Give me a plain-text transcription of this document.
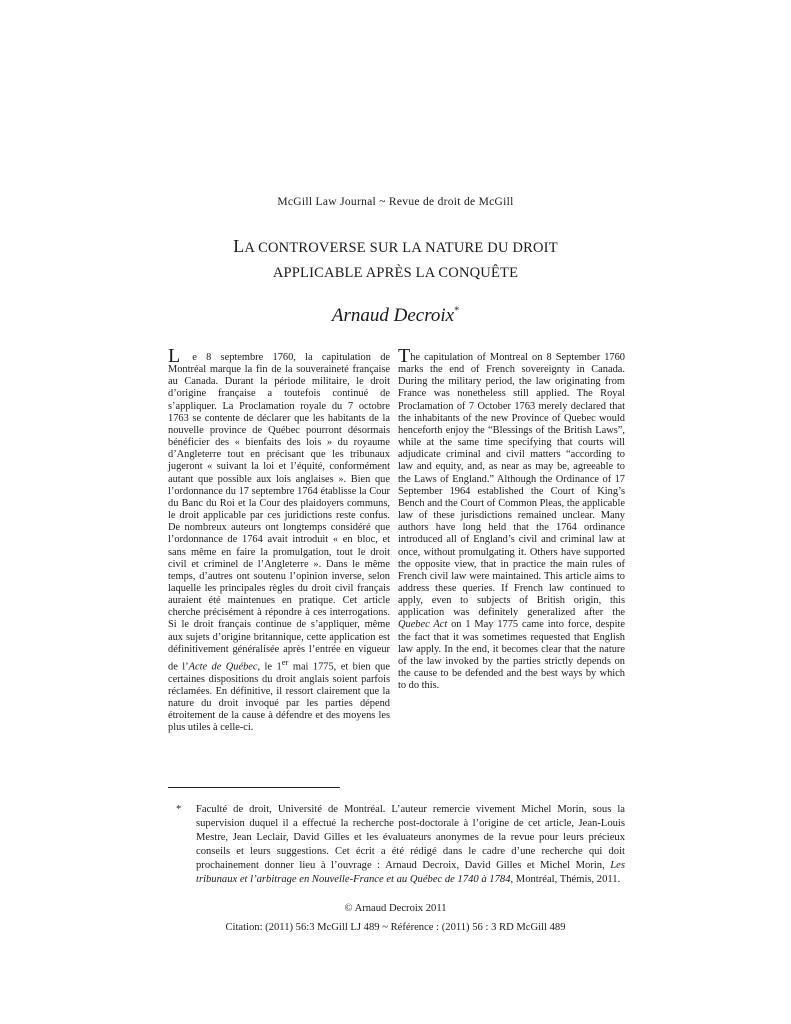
McGill Law Journal ~ Revue de droit de McGill
LA CONTROVERSE SUR LA NATURE DU DROIT
APPLICABLE APRÈS LA CONQUÊTE
Arnaud Decroix*

L e 8 septembre 1760, la capitulation de Montréal marque la fin de la souveraineté française au Canada. Durant la période militaire, le droit d’origine française a toutefois continué de s’appliquer. La Proclamation royale du 7 octobre 1763 se contente de déclarer que les habitants de la nouvelle province de Québec pourront désormais bénéficier des « bienfaits des lois » du royaume d’Angleterre tout en précisant que les tribunaux jugeront « suivant la loi et l’équité, conformément autant que possible aux lois anglaises ». Bien que l’ordonnance du 17 septembre 1764 établisse la Cour du Banc du Roi et la Cour des plaidoyers communs, le droit applicable par ces juridictions reste confus. De nombreux auteurs ont longtemps considéré que l’ordonnance de 1764 avait introduit « en bloc, et sans même en faire la promulgation, tout le droit civil et criminel de l’Angleterre ». Dans le même temps, d’autres ont soutenu l’opinion inverse, selon laquelle les principales règles du droit civil français auraient été maintenues en pratique. Cet article cherche précisément à répondre à ces interrogations. Si le droit français continue de s’appliquer, même aux sujets d’origine britannique, cette application est définitivement généralisée après l’entrée en vigueur de l’Acte de Québec, le 1er mai 1775, et bien que certaines dispositions du droit anglais soient parfois réclamées. En définitive, il ressort clairement que la nature du droit invoqué par les parties dépend étroitement de la cause à défendre et des moyens les plus utiles à celle-ci.

The capitulation of Montreal on 8 September 1760 marks the end of French sovereignty in Canada. During the military period, the law originating from France was nonetheless still applied. The Royal Proclamation of 7 October 1763 merely declared that the inhabitants of the new Province of Quebec would henceforth enjoy the “Blessings of the British Laws”, while at the same time specifying that courts will adjudicate criminal and civil matters “according to law and equity, and, as near as may be, agreeable to the Laws of England.” Although the Ordinance of 17 September 1964 established the Court of King’s Bench and the Court of Common Pleas, the applicable law of these jurisdictions remained unclear. Many authors have long held that the 1764 ordinance introduced all of England’s civil and criminal law at once, without promulgating it. Others have supported the opposite view, that in practice the main rules of French civil law were maintained. This article aims to address these queries. If French law continued to apply, even to subjects of British origin, this application was definitely generalized after the Quebec Act on 1 May 1775 came into force, despite the fact that it was sometimes requested that English law apply. In the end, it becomes clear that the nature of the law invoked by the parties strictly depends on the cause to be defended and the best ways by which to do this.

* Faculté de droit, Université de Montréal. L’auteur remercie vivement Michel Morin, sous la supervision duquel il a effectué la recherche post-doctorale à l’origine de cet article, Jean-Louis Mestre, Jean Leclair, David Gilles et les évaluateurs anonymes de la revue pour leurs précieux conseils et leurs suggestions. Cet écrit a été rédigé dans le cadre d’une recherche qui doit prochainement donner lieu à l’ouvrage : Arnaud Decroix, David Gilles et Michel Morin, Les tribunaux et l’arbitrage en Nouvelle-France et au Québec de 1740 à 1784, Montréal, Thémis, 2011.
© Arnaud Decroix 2011
Citation: (2011) 56:3 McGill LJ 489 ~ Référence : (2011) 56 : 3 RD McGill 489
